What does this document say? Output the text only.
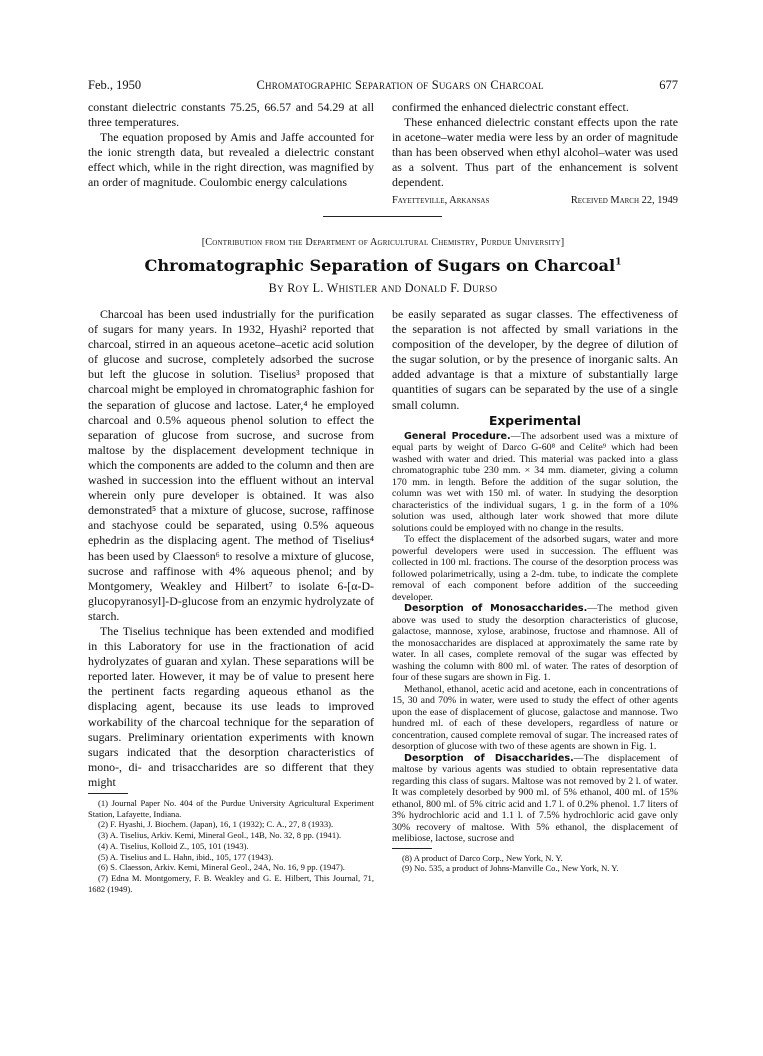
Feb., 1950	Chromatographic Separation of Sugars on Charcoal	677

constant dielectric constants 75.25, 66.57 and 54.29 at all three temperatures.

The equation proposed by Amis and Jaffe accounted for the ionic strength data, but revealed a dielectric constant effect which, while in the right direction, was magnified by an order of magnitude. Coulombic energy calculations

confirmed the enhanced dielectric constant effect.

These enhanced dielectric constant effects upon the rate in acetone–water media were less by an order of magnitude than has been observed when ethyl alcohol–water was used as a solvent. Thus part of the enhancement is solvent dependent.

Fayetteville, Arkansas	Received March 22, 1949
[Contribution from the Department of Agricultural Chemistry, Purdue University]
Chromatographic Separation of Sugars on Charcoal$^1$
By Roy L. Whistler and Donald F. Durso

Charcoal has been used industrially for the purification of sugars for many years. In 1932, Hyashi² reported that charcoal, stirred in an aqueous acetone–acetic acid solution of glucose and sucrose, completely adsorbed the sucrose but left the glucose in solution. Tiselius³ proposed that charcoal might be employed in chromatographic fashion for the separation of glucose and lactose. Later,⁴ he employed charcoal and 0.5% aqueous phenol solution to effect the separation of glucose from sucrose, and sucrose from maltose by the displacement development technique in which the components are added to the column and then are washed in succession into the effluent without an interval wherein only pure developer is obtained. It was also demonstrated⁵ that a mixture of glucose, sucrose, raffinose and stachyose could be separated, using 0.5% aqueous ephedrin as the displacing agent. The method of Tiselius⁴ has been used by Claesson⁶ to resolve a mixture of glucose, sucrose and raffinose with 4% aqueous phenol; and by Montgomery, Weakley and Hilbert⁷ to isolate 6-[α-D-glucopyranosyl]-D-glucose from an enzymic hydrolyzate of starch.

The Tiselius technique has been extended and modified in this Laboratory for use in the fractionation of acid hydrolyzates of guaran and xylan. These separations will be reported later. However, it may be of value to present here the pertinent facts regarding aqueous ethanol as the displacing agent, because its use leads to improved workability of the charcoal technique for the separation of sugars. Preliminary orientation experiments with known sugars indicated that the desorption characteristics of mono-, di- and trisaccharides are so different that they might

(1) Journal Paper No. 404 of the Purdue University Agricultural Experiment Station, Lafayette, Indiana.

(2) F. Hyashi, J. Biochem. (Japan), 16, 1 (1932); C. A., 27, 8 (1933).

(3) A. Tiselius, Arkiv. Kemi, Mineral Geol., 14B, No. 32, 8 pp. (1941).

(4) A. Tiselius, Kolloid Z., 105, 101 (1943).

(5) A. Tiselius and L. Hahn, ibid., 105, 177 (1943).

(6) S. Claesson, Arkiv. Kemi, Mineral Geol., 24A, No. 16, 9 pp. (1947).

(7) Edna M. Montgomery, F. B. Weakley and G. E. Hilbert, This Journal, 71, 1682 (1949).

be easily separated as sugar classes. The effectiveness of the separation is not affected by small variations in the composition of the developer, by the degree of dilution of the sugar solution, or by the presence of inorganic salts. An added advantage is that a mixture of substantially large quantities of sugars can be separated by the use of a single small column.

Experimental

General Procedure.—The adsorbent used was a mixture of equal parts by weight of Darco G-60⁸ and Celite⁹ which had been washed with water and dried. This material was packed into a glass chromatographic tube 230 mm. × 34 mm. diameter, giving a column 170 mm. in length. Before the addition of the sugar solution, the column was wet with 150 ml. of water. In studying the desorption characteristics of the individual sugars, 1 g. in the form of a 10% solution was used, although later work showed that more dilute solutions could be employed with no change in the results.

To effect the displacement of the adsorbed sugars, water and more powerful developers were used in succession. The effluent was collected in 100 ml. fractions. The course of the desorption process was followed polarimetrically, using a 2-dm. tube, to indicate the complete removal of each component before addition of the succeeding developer.

Desorption of Monosaccharides.—The method given above was used to study the desorption characteristics of glucose, galactose, mannose, xylose, arabinose, fructose and rhamnose. All of the monosaccharides are displaced at approximately the same rate by water. In all cases, complete removal of the sugar was effected by washing the column with 800 ml. of water. The rates of desorption of four of these sugars are shown in Fig. 1.

Methanol, ethanol, acetic acid and acetone, each in concentrations of 15, 30 and 70% in water, were used to study the effect of other agents upon the ease of displacement of glucose, galactose and mannose. Two hundred ml. of each of these developers, regardless of nature or concentration, caused complete removal of sugar. The increased rates of desorption of glucose with two of these agents are shown in Fig. 1.

Desorption of Disaccharides.—The displacement of maltose by various agents was studied to obtain representative data regarding this class of sugars. Maltose was not removed by 2 l. of water. It was completely desorbed by 900 ml. of 5% ethanol, 400 ml. of 15% ethanol, 800 ml. of 5% citric acid and 1.7 l. of 0.2% phenol. 1.7 liters of 3% hydrochloric acid and 1.1 l. of 7.5% hydrochloric acid gave only 30% recovery of maltose. With 5% ethanol, the displacement of melibiose, lactose, sucrose and

(8) A product of Darco Corp., New York, N. Y.

(9) No. 535, a product of Johns-Manville Co., New York, N. Y.
